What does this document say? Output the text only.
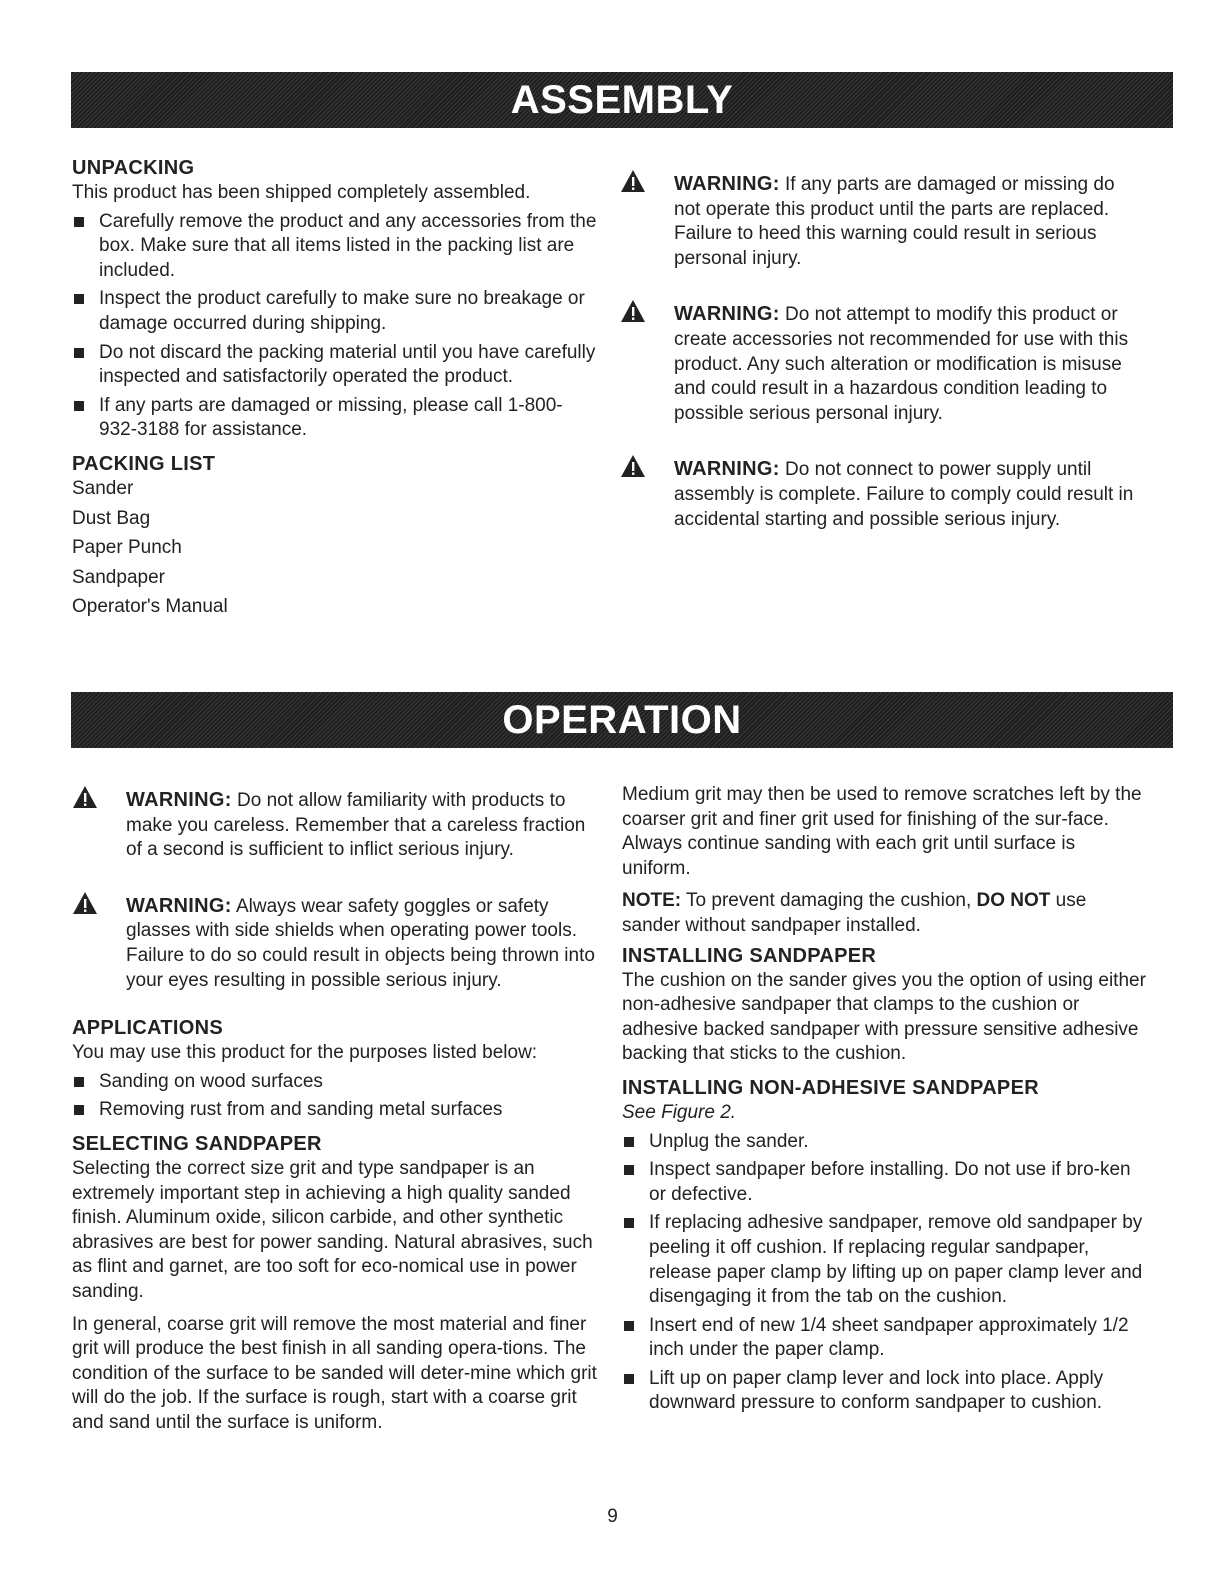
ASSEMBLY
UNPACKING

This product has been shipped completely assembled.

Carefully remove the product and any accessories from the box. Make sure that all items listed in the packing list are included.
Inspect the product carefully to make sure no breakage or damage occurred during shipping.
Do not discard the packing material until you have carefully inspected and satisfactorily operated the product.
If any parts are damaged or missing, please call 1-800-932-3188 for assistance.
PACKING LIST
Sander
Dust Bag
Paper Punch
Sandpaper
Operator's Manual
WARNING: If any parts are damaged or missing do not operate this product until the parts are replaced. Failure to heed this warning could result in serious personal injury.
WARNING: Do not attempt to modify this product or create accessories not recommended for use with this product. Any such alteration or modification is misuse and could result in a hazardous condition leading to possible serious personal injury.
WARNING: Do not connect to power supply until assembly is complete. Failure to comply could result in accidental starting and possible serious injury.
OPERATION
WARNING: Do not allow familiarity with products to make you careless. Remember that a careless fraction of a second is sufficient to inflict serious injury.
WARNING: Always wear safety goggles or safety glasses with side shields when operating power tools. Failure to do so could result in objects being thrown into your eyes resulting in possible serious injury.
APPLICATIONS

You may use this product for the purposes listed below:

Sanding on wood surfaces
Removing rust from and sanding metal surfaces
SELECTING SANDPAPER

Selecting the correct size grit and type sandpaper is an extremely important step in achieving a high quality sanded finish. Aluminum oxide, silicon carbide, and other synthetic abrasives are best for power sanding. Natural abrasives, such as flint and garnet, are too soft for eco-nomical use in power sanding.

In general, coarse grit will remove the most material and finer grit will produce the best finish in all sanding opera-tions. The condition of the surface to be sanded will deter-mine which grit will do the job. If the surface is rough, start with a coarse grit and sand until the surface is uniform.

Medium grit may then be used to remove scratches left by the coarser grit and finer grit used for finishing of the sur-face. Always continue sanding with each grit until surface is uniform.

NOTE: To prevent damaging the cushion, DO NOT use sander without sandpaper installed.

INSTALLING SANDPAPER

The cushion on the sander gives you the option of using either non-adhesive sandpaper that clamps to the cushion or adhesive backed sandpaper with pressure sensitive adhesive backing that sticks to the cushion.

INSTALLING NON-ADHESIVE SANDPAPER

See Figure 2.

Unplug the sander.
Inspect sandpaper before installing. Do not use if bro-ken or defective.
If replacing adhesive sandpaper, remove old sandpaper by peeling it off cushion. If replacing regular sandpaper, release paper clamp by lifting up on paper clamp lever and disengaging it from the tab on the cushion.
Insert end of new 1/4 sheet sandpaper approximately 1/2 inch under the paper clamp.
Lift up on paper clamp lever and lock into place. Apply downward pressure to conform sandpaper to cushion.
9
